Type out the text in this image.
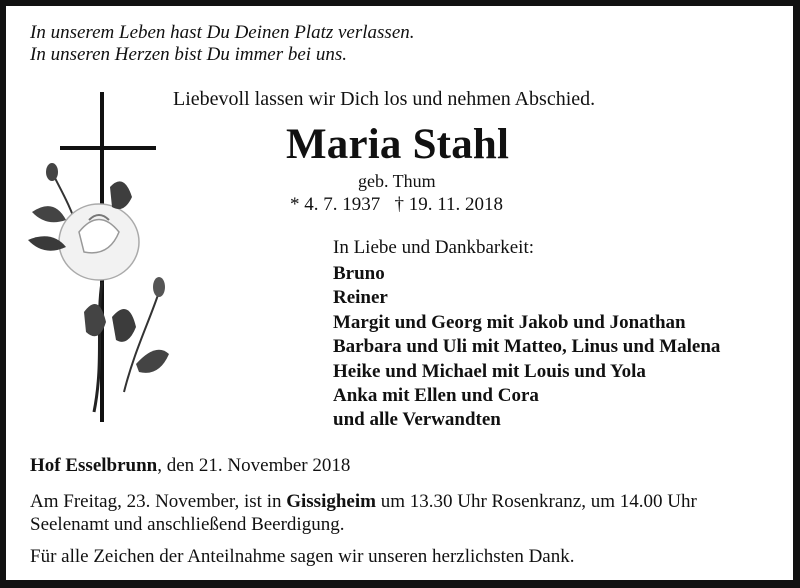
In unserem Leben hast Du Deinen Platz verlassen.
In unseren Herzen bist Du immer bei uns.
Liebevoll lassen wir Dich los und nehmen Abschied.
Maria Stahl
geb. Thum
* 4. 7. 1937 † 19. 11. 2018
In Liebe und Dankbarkeit:
Bruno
Reiner
Margit und Georg mit Jakob und Jonathan
Barbara und Uli mit Matteo, Linus und Malena
Heike und Michael mit Louis und Yola
Anka mit Ellen und Cora
und alle Verwandten
Hof Esselbrunn, den 21. November 2018
Am Freitag, 23. November, ist in Gissigheim um 13.30 Uhr Rosenkranz, um 14.00 Uhr
Seelenamt und anschließend Beerdigung.
Für alle Zeichen der Anteilnahme sagen wir unseren herzlichsten Dank.
